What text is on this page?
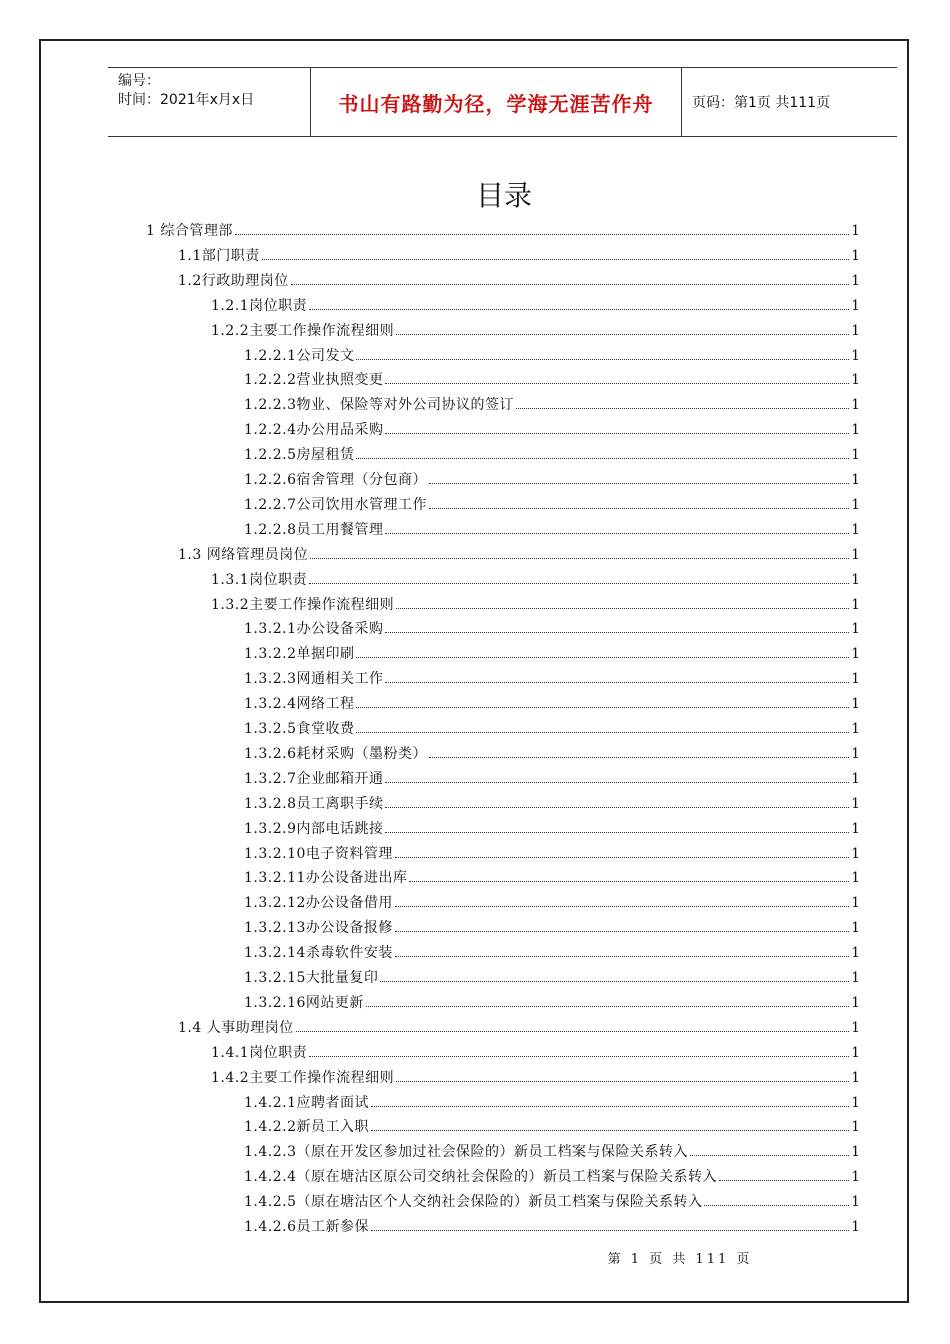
编号：
时间：2021年x月x日	书山有路勤为径，学海无涯苦作舟	页码：第1页 共111页
目录
1 综合管理部	1
1.1部门职责	1
1.2行政助理岗位	1
1.2.1岗位职责	1
1.2.2主要工作操作流程细则	1
1.2.2.1公司发文	1
1.2.2.2营业执照变更	1
1.2.2.3物业、保险等对外公司协议的签订	1
1.2.2.4办公用品采购	1
1.2.2.5房屋租赁	1
1.2.2.6宿舍管理（分包商）	1
1.2.2.7公司饮用水管理工作	1
1.2.2.8员工用餐管理	1
1.3 网络管理员岗位	1
1.3.1岗位职责	1
1.3.2主要工作操作流程细则	1
1.3.2.1办公设备采购	1
1.3.2.2单据印刷	1
1.3.2.3网通相关工作	1
1.3.2.4网络工程	1
1.3.2.5食堂收费	1
1.3.2.6耗材采购（墨粉类）	1
1.3.2.7企业邮箱开通	1
1.3.2.8员工离职手续	1
1.3.2.9内部电话跳接	1
1.3.2.10电子资料管理	1
1.3.2.11办公设备进出库	1
1.3.2.12办公设备借用	1
1.3.2.13办公设备报修	1
1.3.2.14杀毒软件安装	1
1.3.2.15大批量复印	1
1.3.2.16网站更新	1
1.4 人事助理岗位	1
1.4.1岗位职责	1
1.4.2主要工作操作流程细则	1
1.4.2.1应聘者面试	1
1.4.2.2新员工入职	1
1.4.2.3（原在开发区参加过社会保险的）新员工档案与保险关系转入	1
1.4.2.4（原在塘沽区原公司交纳社会保险的）新员工档案与保险关系转入	1
1.4.2.5（原在塘沽区个人交纳社会保险的）新员工档案与保险关系转入	1
1.4.2.6员工新参保	1
第 1 页 共 111 页
